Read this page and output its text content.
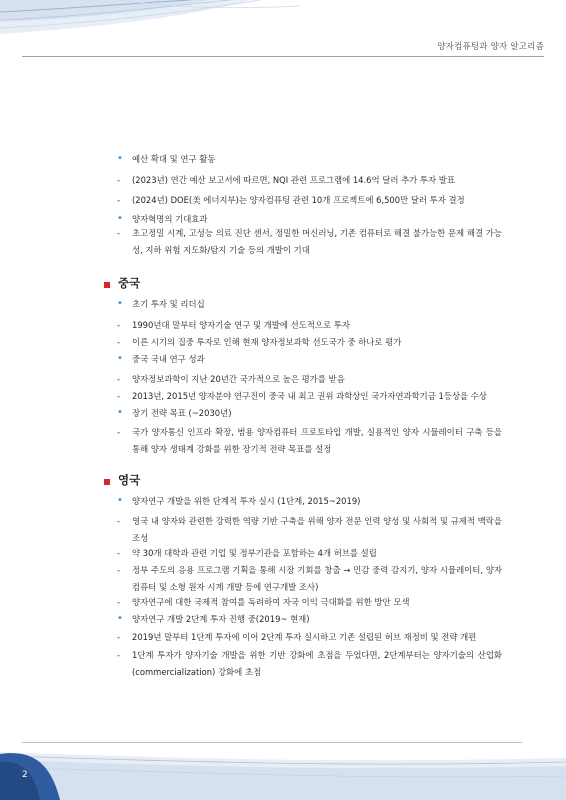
양자컴퓨팅과 양자 알고리즘
• 예산 확대 및 연구 활동
- (2023년) 연간 예산 보고서에 따르면, NQI 관련 프로그램에 14.6억 달러 추가 투자 발표
- (2024년) DOE(美 에너지부)는 양자컴퓨팅 관련 10개 프로젝트에 6,500만 달러 투자 결정
• 양자혁명의 기대효과
- 초고정밀 시계, 고성능 의료 진단 센서, 정밀한 머신러닝, 기존 컴퓨터로 해결 불가능한 문제 해결 가능성, 지하 위험 지도화/탐지 기술 등의 개발이 기대
중국
• 초기 투자 및 리더십
- 1990년대 말부터 양자기술 연구 및 개발에 선도적으로 투자
- 이른 시기의 집중 투자로 인해 현재 양자정보과학 선도국가 중 하나로 평가
• 중국 국내 연구 성과
- 양자정보과학이 지난 20년간 국가적으로 높은 평가를 받음
- 2013년, 2015년 양자분야 연구진이 중국 내 최고 권위 과학상인 국가자연과학기금 1등상을 수상
• 장기 전략 목표 (~2030년)
- 국가 양자통신 인프라 확장, 범용 양자컴퓨터 프로토타입 개발, 실용적인 양자 시뮬레이터 구축 등을 통해 양자 생태계 강화를 위한 장기적 전략 목표를 설정
영국
• 양자연구 개발을 위한 단계적 투자 실시 (1단계, 2015~2019)
- 영국 내 양자와 관련한 강력한 역량 기반 구축을 위해 양자 전문 인력 양성 및 사회적 및 규제적 맥락을 조성
- 약 30개 대학과 관련 기업 및 정부기관을 포함하는 4개 허브를 설립
- 정부 주도의 응용 프로그램 기획을 통해 시장 기회를 창출 → 민감 중력 감지기, 양자 시뮬레이터, 양자 컴퓨터 및 소형 원자 시계 개발 등에 연구개발 조사)
- 양자연구에 대한 국제적 참여를 독려하여 자국 이익 극대화를 위한 방안 모색
• 양자연구 개발 2단계 투자 진행 중(2019~ 현재)
- 2019년 말부터 1단계 투자에 이어 2단계 투자 실시하고 기존 설립된 허브 재정비 및 전략 개편
- 1단계 투자가 양자기술 개발을 위한 기반 강화에 초점을 두었다면, 2단계부터는 양자기술의 산업화(commercialization) 강화에 초점
2
